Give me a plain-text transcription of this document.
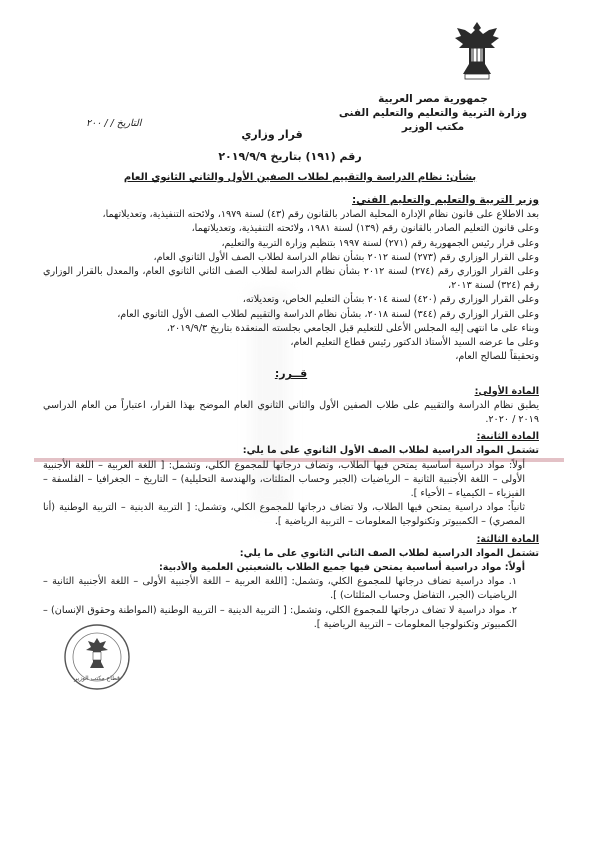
جمهورية مصر العربية
وزارة التربية والتعليم والتعليم الفنى
مكتب الوزير
التاريخ / / ٢٠٠
قرار وزاري
رقم (١٩١) بتاريخ ٢٠١٩/٩/٩
بشأن: نظام الدراسة والتقييم لطلاب الصفين الأول والثاني الثانوي العام

وزير التربية والتعليم والتعليم الفني:

بعد الاطلاع على قانون نظام الإدارة المحلية الصادر بالقانون رقم (٤٣) لسنة ١٩٧٩، ولائحته التنفيذية، وتعديلاتهما،

وعلى قانون التعليم الصادر بالقانون رقم (١٣٩) لسنة ١٩٨١، ولائحته التنفيذية، وتعديلاتهما،

وعلى قرار رئيس الجمهورية رقم (٢٧١) لسنة ١٩٩٧ بتنظيم وزارة التربية والتعليم،

وعلى القرار الوزاري رقم (٢٧٣) لسنة ٢٠١٢ بشأن نظام الدراسة لطلاب الصف الأول الثانوي العام،

وعلى القرار الوزاري رقم (٢٧٤) لسنة ٢٠١٢ بشأن نظام الدراسة لطلاب الصف الثاني الثانوي العام، والمعدل بالقرار الوزاري رقم (٣٢٤) لسنة ٢٠١٣،

وعلى القرار الوزاري رقم (٤٢٠) لسنة ٢٠١٤ بشأن التعليم الخاص، وتعديلاته،

وعلى القرار الوزاري رقم (٣٤٤) لسنة ٢٠١٨، بشأن نظام الدراسة والتقييم لطلاب الصف الأول الثانوي العام،

وبناء على ما انتهى إليه المجلس الأعلى للتعليم قبل الجامعي بجلسته المنعقدة بتاريخ ٢٠١٩/٩/٣،

وعلى ما عرضه السيد الأستاذ الدكتور رئيس قطاع التعليم العام،

وتحقيقاً للصالح العام،

قــرر:

المادة الأولى:

يطبق نظام الدراسة والتقييم على طلاب الصفين الأول والثاني الثانوي العام الموضح بهذا القرار، اعتباراً من العام الدراسي ٢٠١٩ / ٢٠٢٠.

المادة الثانية:

تشتمل المواد الدراسية لطلاب الصف الأول الثانوي على ما يلي:

أولاً: مواد دراسية أساسية يمتحن فيها الطلاب، وتضاف درجاتها للمجموع الكلي، وتشمل: [ اللغة العربية – اللغة الأجنبية الأولى – اللغة الأجنبية الثانية – الرياضيات (الجبر وحساب المثلثات، والهندسة التحليلية) – التاريخ – الجغرافيا – الفلسفة – الفيزياء – الكيمياء – الأحياء ].

ثانياً: مواد دراسية يمتحن فيها الطلاب، ولا تضاف درجاتها للمجموع الكلي، وتشمل: [ التربية الدينية – التربية الوطنية (أنا المصري) – الكمبيوتر وتكنولوجيا المعلومات – التربية الرياضية ].

المادة الثالثة:

تشتمل المواد الدراسية لطلاب الصف الثاني الثانوي على ما يلي:

أولاً: مواد دراسية أساسية يمتحن فيها جميع الطلاب بالشعبتين العلمية والأدبية:

١. مواد دراسية تضاف درجاتها للمجموع الكلي، وتشمل: [اللغة العربية – اللغة الأجنبية الأولى – اللغة الأجنبية الثانية – الرياضيات (الجبر، التفاضل وحساب المثلثات) ].

٢. مواد دراسية لا تضاف درجاتها للمجموع الكلي، وتشمل: [ التربية الدينية – التربية الوطنية (المواطنة وحقوق الإنسان) – الكمبيوتر وتكنولوجيا المعلومات – التربية الرياضية ].

قطاع مكتب الوزير
